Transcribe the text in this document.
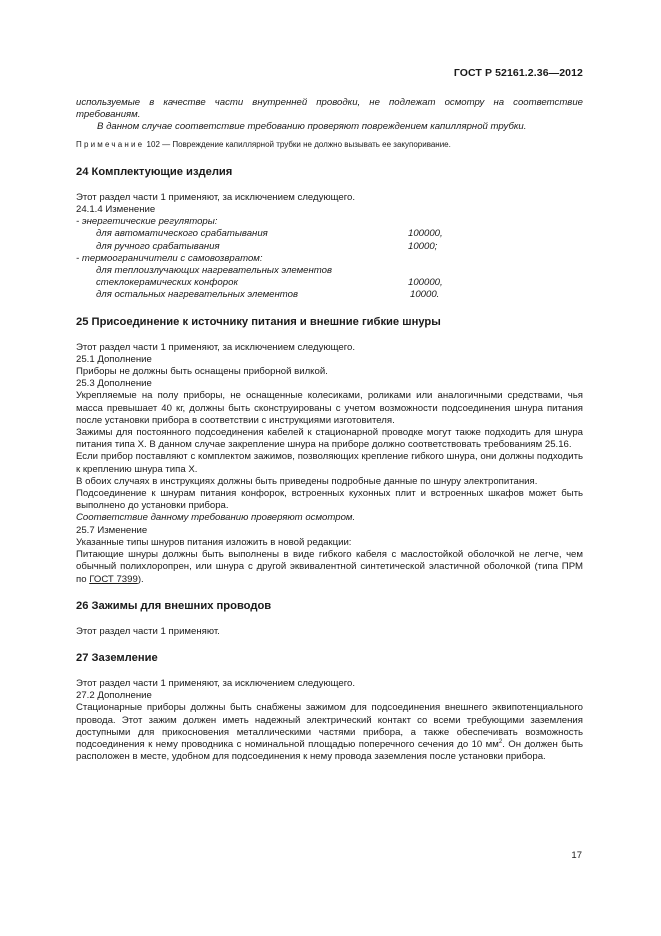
ГОСТ Р 52161.2.36—2012

используемые в качестве части внутренней проводки, не подлежат осмотру на соответствие требованиям.

В данном случае соответствие требованию проверяют повреждением капиллярной трубки.

Примечание 102 — Повреждение капиллярной трубки не должно вызывать ее закупоривание.

24 Комплектующие изделия

Этот раздел части 1 применяют, за исключением следующего.

24.1.4 Изменение

- энергетические регуляторы:

для автоматического срабатывания	100000,
для ручного срабатывания	10000;

- термоограничители с самовозвратом:

для теплоизлучающих нагревательных элементов
стеклокерамических конфорок	100000,
для остальных нагревательных элементов	10000.
25 Присоединение к источнику питания и внешние гибкие шнуры

Этот раздел части 1 применяют, за исключением следующего.

25.1 Дополнение

Приборы не должны быть оснащены приборной вилкой.

25.3 Дополнение

Укрепляемые на полу приборы, не оснащенные колесиками, роликами или аналогичными средствами, чья масса превышает 40 кг, должны быть сконструированы с учетом возможности подсоединения шнура питания после установки прибора в соответствии с инструкциями изготовителя.

Зажимы для постоянного подсоединения кабелей к стационарной проводке могут также подходить для шнура питания типа X. В данном случае закрепление шнура на приборе должно соответствовать требованиям 25.16.

Если прибор поставляют с комплектом зажимов, позволяющих крепление гибкого шнура, они должны подходить к креплению шнура типа X.

В обоих случаях в инструкциях должны быть приведены подробные данные по шнуру электропитания.

Подсоединение к шнурам питания конфорок, встроенных кухонных плит и встроенных шкафов может быть выполнено до установки прибора.

Соответствие данному требованию проверяют осмотром.

25.7 Изменение

Указанные типы шнуров питания изложить в новой редакции:

Питающие шнуры должны быть выполнены в виде гибкого кабеля с маслостойкой оболочкой не легче, чем обычный полихлоропрен, или шнура с другой эквивалентной синтетической эластичной оболочкой (типа ПРМ по ГОСТ 7399).

26 Зажимы для внешних проводов

Этот раздел части 1 применяют.

27 Заземление

Этот раздел части 1 применяют, за исключением следующего.

27.2 Дополнение

Стационарные приборы должны быть снабжены зажимом для подсоединения внешнего эквипотенциального провода. Этот зажим должен иметь надежный электрический контакт со всеми требующими заземления доступными для прикосновения металлическими частями прибора, а также обеспечивать возможность подсоединения к нему проводника с номинальной площадью поперечного сечения до 10 $мм^2$. Он должен быть расположен в месте, удобном для подсоединения к нему провода заземления после установки прибора.

17
